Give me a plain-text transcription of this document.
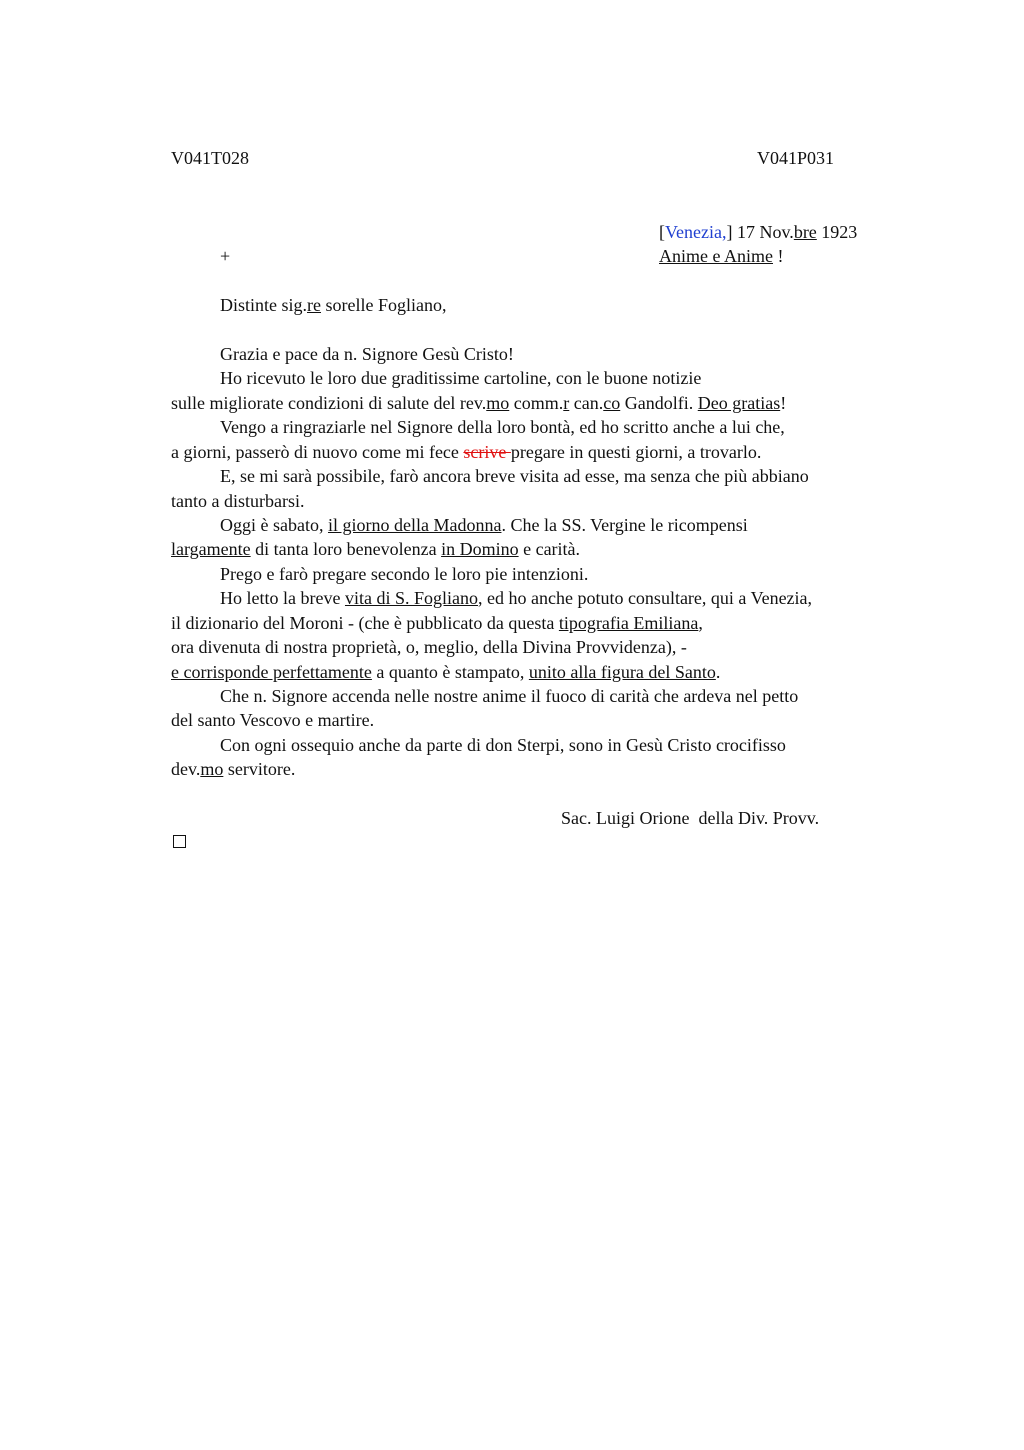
V041T028	V041P031
[Venezia,] 17 Nov.bre 1923
+	Anime e Anime !
Distinte sig.re sorelle Fogliano,
Grazia e pace da n. Signore Gesù Cristo!
Ho ricevuto le loro due graditissime cartoline, con le buone notizie
sulle migliorate condizioni di salute del rev.mo comm.r can.co Gandolfi. Deo gratias!
Vengo a ringraziarle nel Signore della loro bontà, ed ho scritto anche a lui che,
a giorni, passerò di nuovo come mi fece scrive pregare in questi giorni, a trovarlo.
E, se mi sarà possibile, farò ancora breve visita ad esse, ma senza che più abbiano
tanto a disturbarsi.
Oggi è sabato, il giorno della Madonna. Che la SS. Vergine le ricompensi
largamente di tanta loro benevolenza in Domino e carità.
Prego e farò pregare secondo le loro pie intenzioni.
Ho letto la breve vita di S. Fogliano, ed ho anche potuto consultare, qui a Venezia,
il dizionario del Moroni - (che è pubblicato da questa tipografia Emiliana,
ora divenuta di nostra proprietà, o, meglio, della Divina Provvidenza), -
e corrisponde perfettamente a quanto è stampato, unito alla figura del Santo.
Che n. Signore accenda nelle nostre anime il fuoco di carità che ardeva nel petto
del santo Vescovo e martire.
Con ogni ossequio anche da parte di don Sterpi, sono in Gesù Cristo crocifisso
dev.mo servitore.
Sac. Luigi Orione  della Div. Provv.
